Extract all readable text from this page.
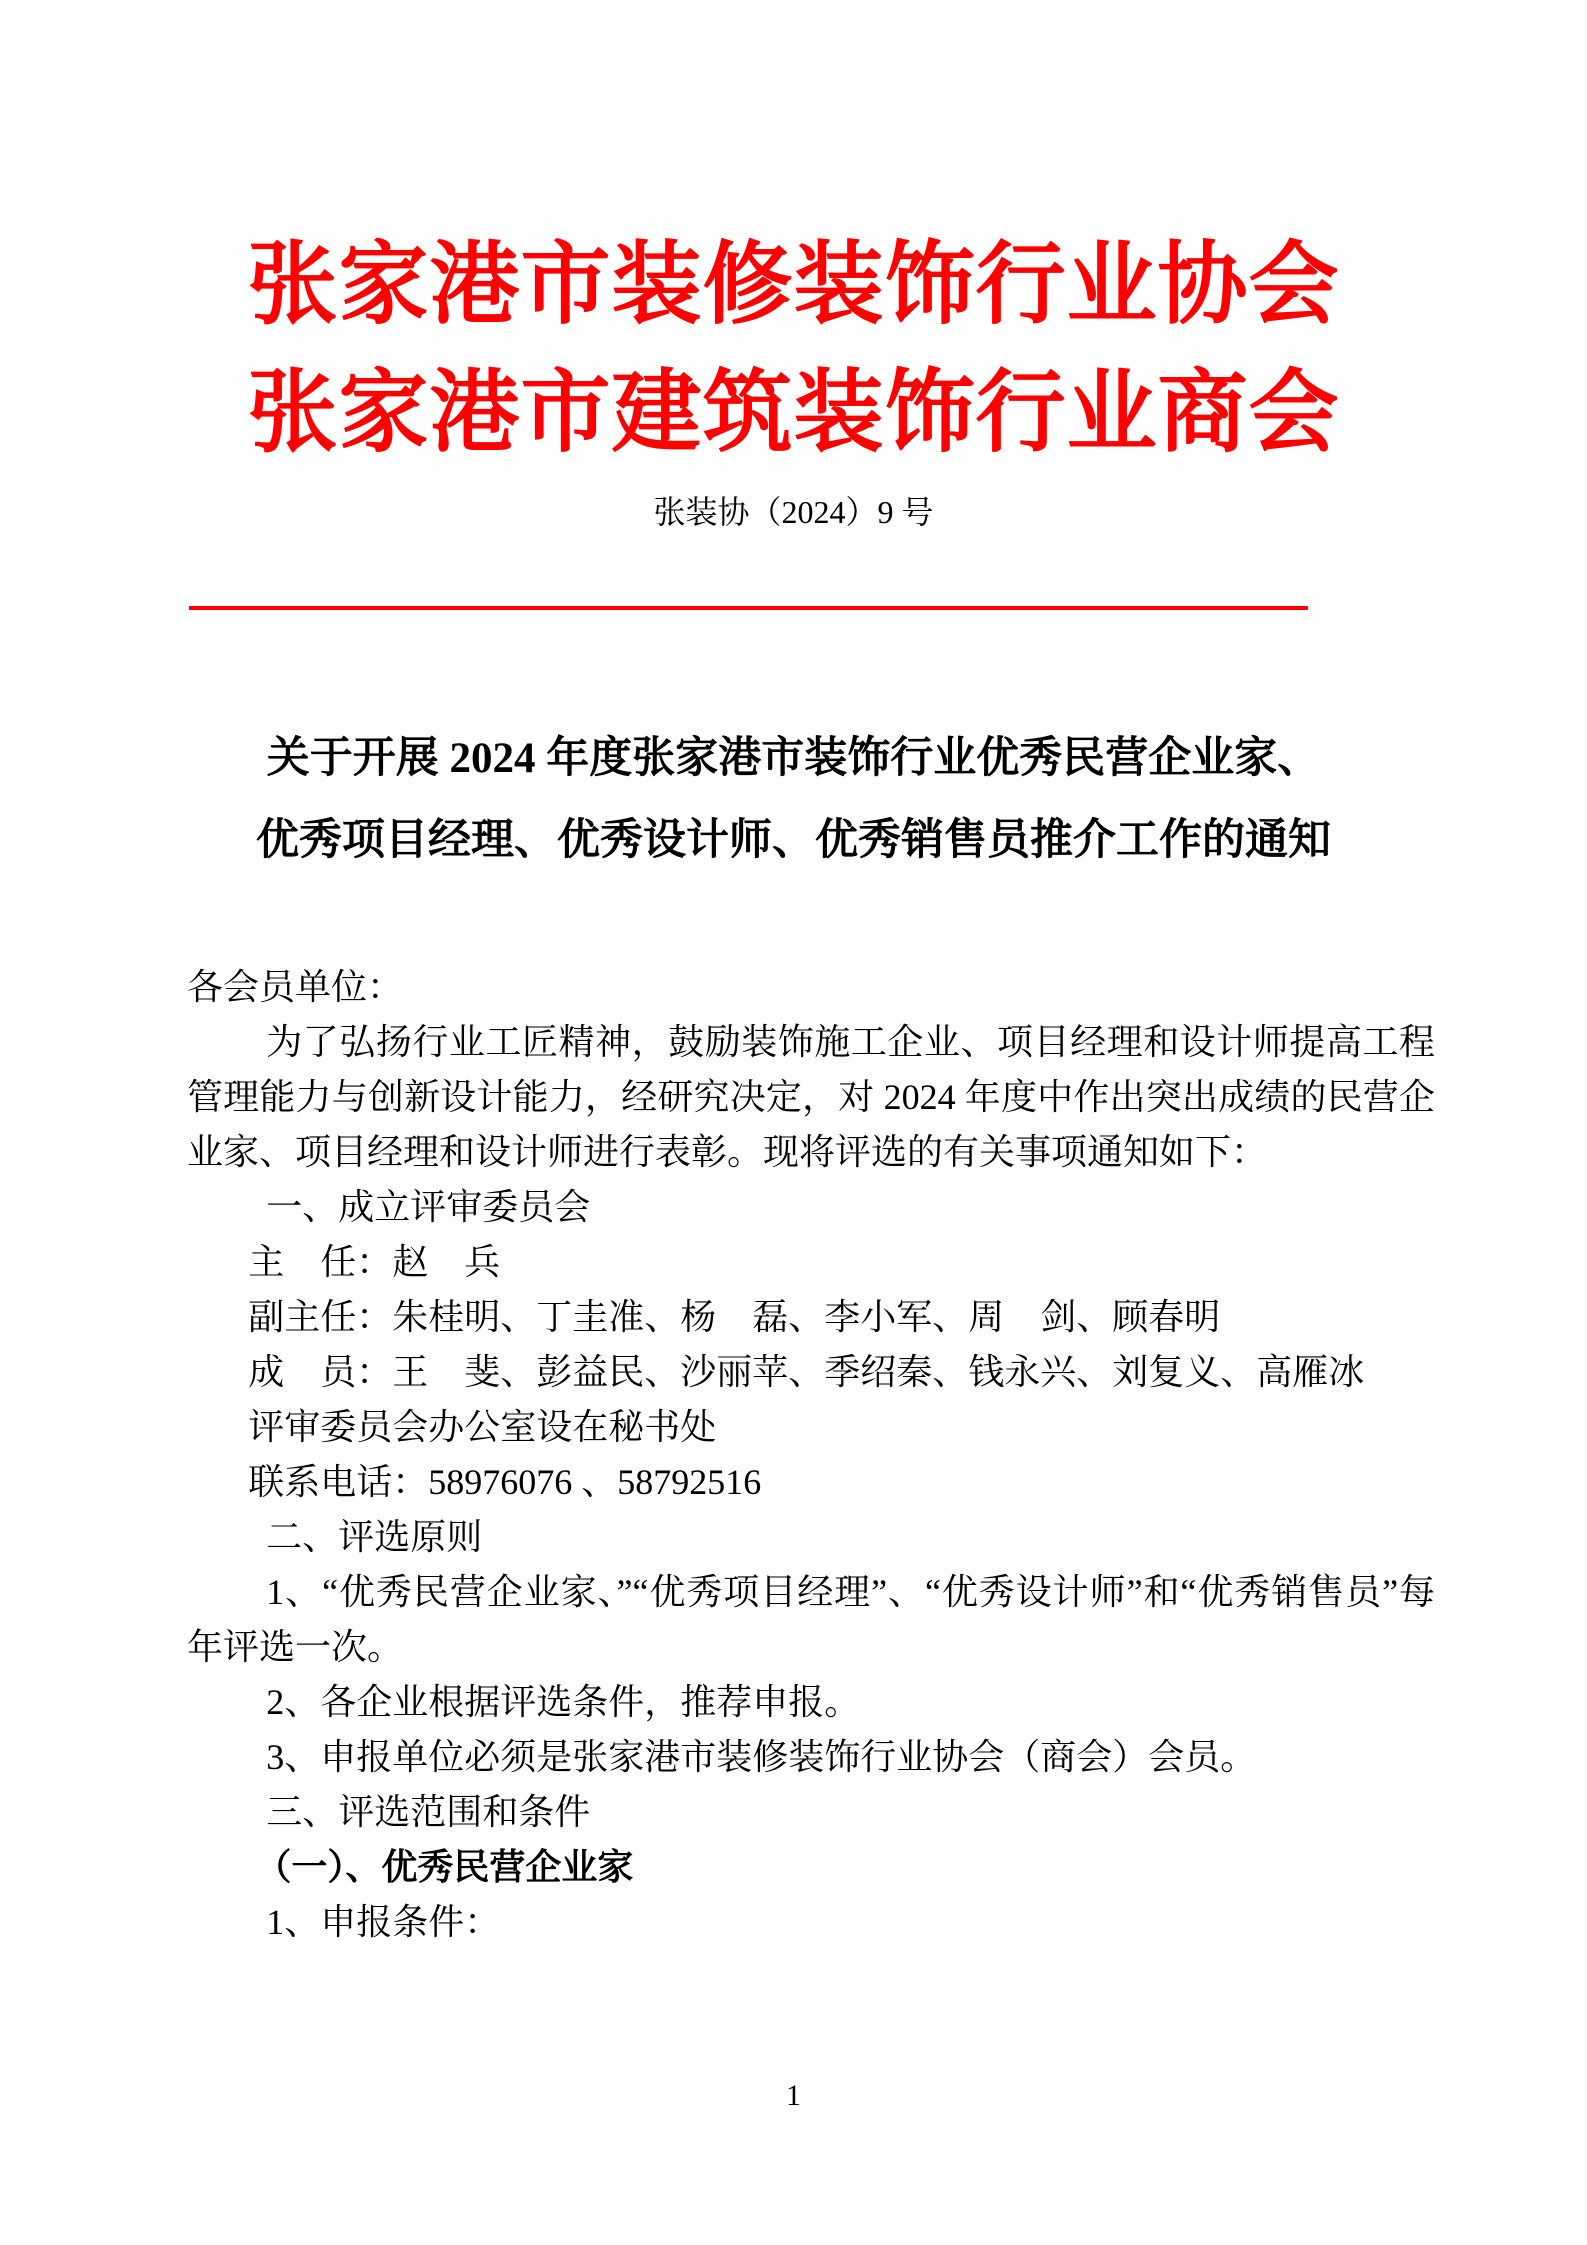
张家港市装修装饰行业协会
张家港市建筑装饰行业商会
张装协（2024）9 号
关于开展 2024 年度张家港市装饰行业优秀民营企业家、
优秀项目经理、优秀设计师、优秀销售员推介工作的通知

各会员单位：

为了弘扬行业工匠精神，鼓励装饰施工企业、项目经理和设计师提高工程管理能力与创新设计能力，经研究决定，对 2024 年度中作出突出成绩的民营企业家、项目经理和设计师进行表彰。现将评选的有关事项通知如下：

一、成立评审委员会

主　任：赵　兵

副主任：朱桂明、丁圭准、杨　磊、李小军、周　剑、顾春明

成　员：王　斐、彭益民、沙丽苹、季绍秦、钱永兴、刘复义、高雁冰

评审委员会办公室设在秘书处

联系电话：58976076 、58792516

二、评选原则

1、“优秀民营企业家、”“优秀项目经理”、“优秀设计师”和“优秀销售员”每年评选一次。

2、各企业根据评选条件，推荐申报。

3、申报单位必须是张家港市装修装饰行业协会（商会）会员。

三、评选范围和条件

（一）、优秀民营企业家

1、申报条件：

1
